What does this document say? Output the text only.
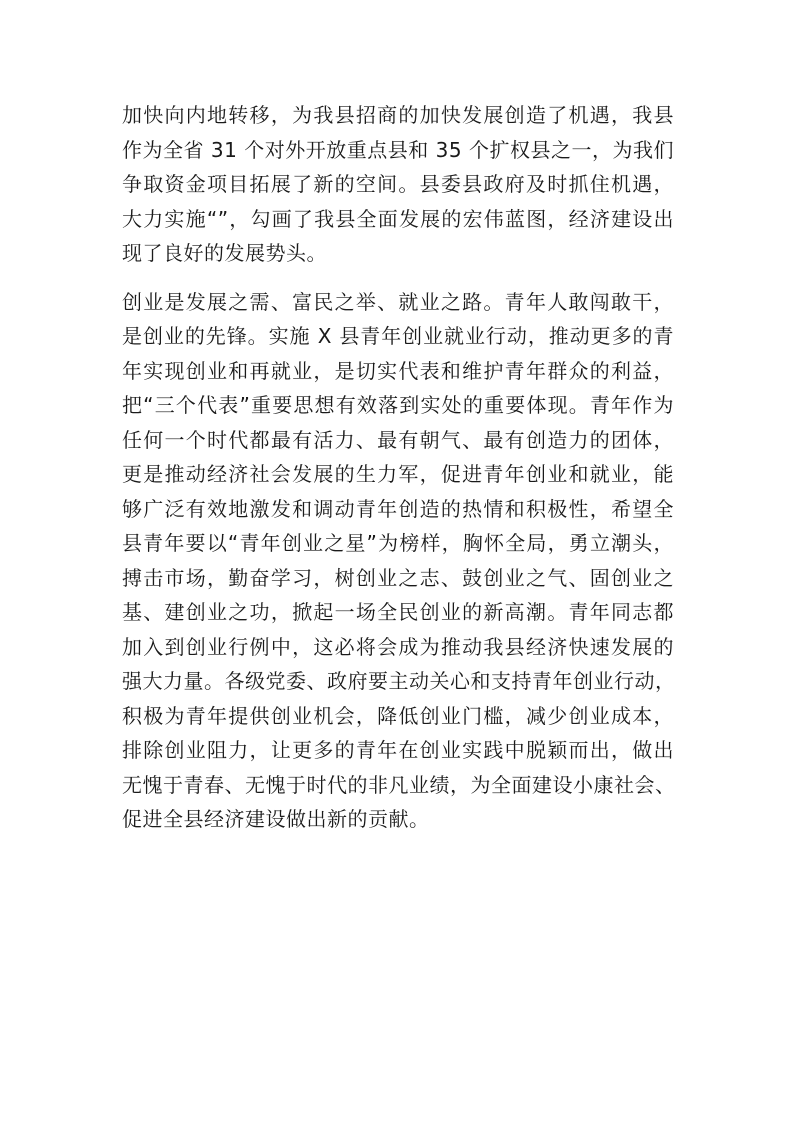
加快向内地转移，为我县招商的加快发展创造了机遇，我县
作为全省 31 个对外开放重点县和 35 个扩权县之一，为我们
争取资金项目拓展了新的空间。县委县政府及时抓住机遇，
大力实施“”，勾画了我县全面发展的宏伟蓝图，经济建设出
现了良好的发展势头。
创业是发展之需、富民之举、就业之路。青年人敢闯敢干，
是创业的先锋。实施 X 县青年创业就业行动，推动更多的青
年实现创业和再就业，是切实代表和维护青年群众的利益，
把“三个代表”重要思想有效落到实处的重要体现。青年作为
任何一个时代都最有活力、最有朝气、最有创造力的团体，
更是推动经济社会发展的生力军，促进青年创业和就业，能
够广泛有效地激发和调动青年创造的热情和积极性，希望全
县青年要以“青年创业之星”为榜样，胸怀全局，勇立潮头，
搏击市场，勤奋学习，树创业之志、鼓创业之气、固创业之
基、建创业之功，掀起一场全民创业的新高潮。青年同志都
加入到创业行例中，这必将会成为推动我县经济快速发展的
强大力量。各级党委、政府要主动关心和支持青年创业行动，
积极为青年提供创业机会，降低创业门槛，减少创业成本，
排除创业阻力，让更多的青年在创业实践中脱颖而出，做出
无愧于青春、无愧于时代的非凡业绩，为全面建设小康社会、
促进全县经济建设做出新的贡献。
